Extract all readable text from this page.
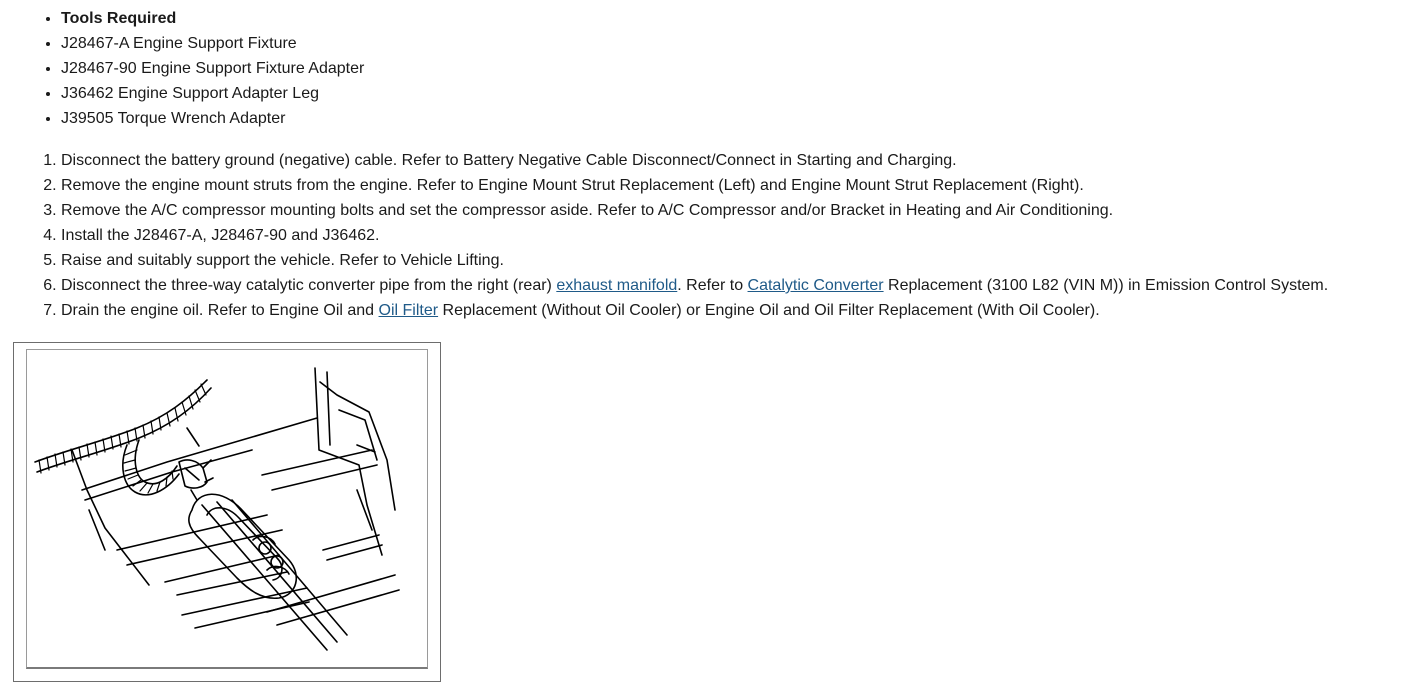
• Tools Required
• J28467-A Engine Support Fixture
• J28467-90 Engine Support Fixture Adapter
• J36462 Engine Support Adapter Leg
• J39505 Torque Wrench Adapter
1. Disconnect the battery ground (negative) cable. Refer to Battery Negative Cable Disconnect/Connect in Starting and Charging.
2. Remove the engine mount struts from the engine. Refer to Engine Mount Strut Replacement (Left) and Engine Mount Strut Replacement (Right).
3. Remove the A/C compressor mounting bolts and set the compressor aside. Refer to A/C Compressor and/or Bracket in Heating and Air Conditioning.
4. Install the J28467-A, J28467-90 and J36462.
5. Raise and suitably support the vehicle. Refer to Vehicle Lifting.
6. Disconnect the three-way catalytic converter pipe from the right (rear) exhaust manifold. Refer to Catalytic Converter Replacement (3100 L82 (VIN M)) in Emission Control System.
7. Drain the engine oil. Refer to Engine Oil and Oil Filter Replacement (Without Oil Cooler) or Engine Oil and Oil Filter Replacement (With Oil Cooler).
